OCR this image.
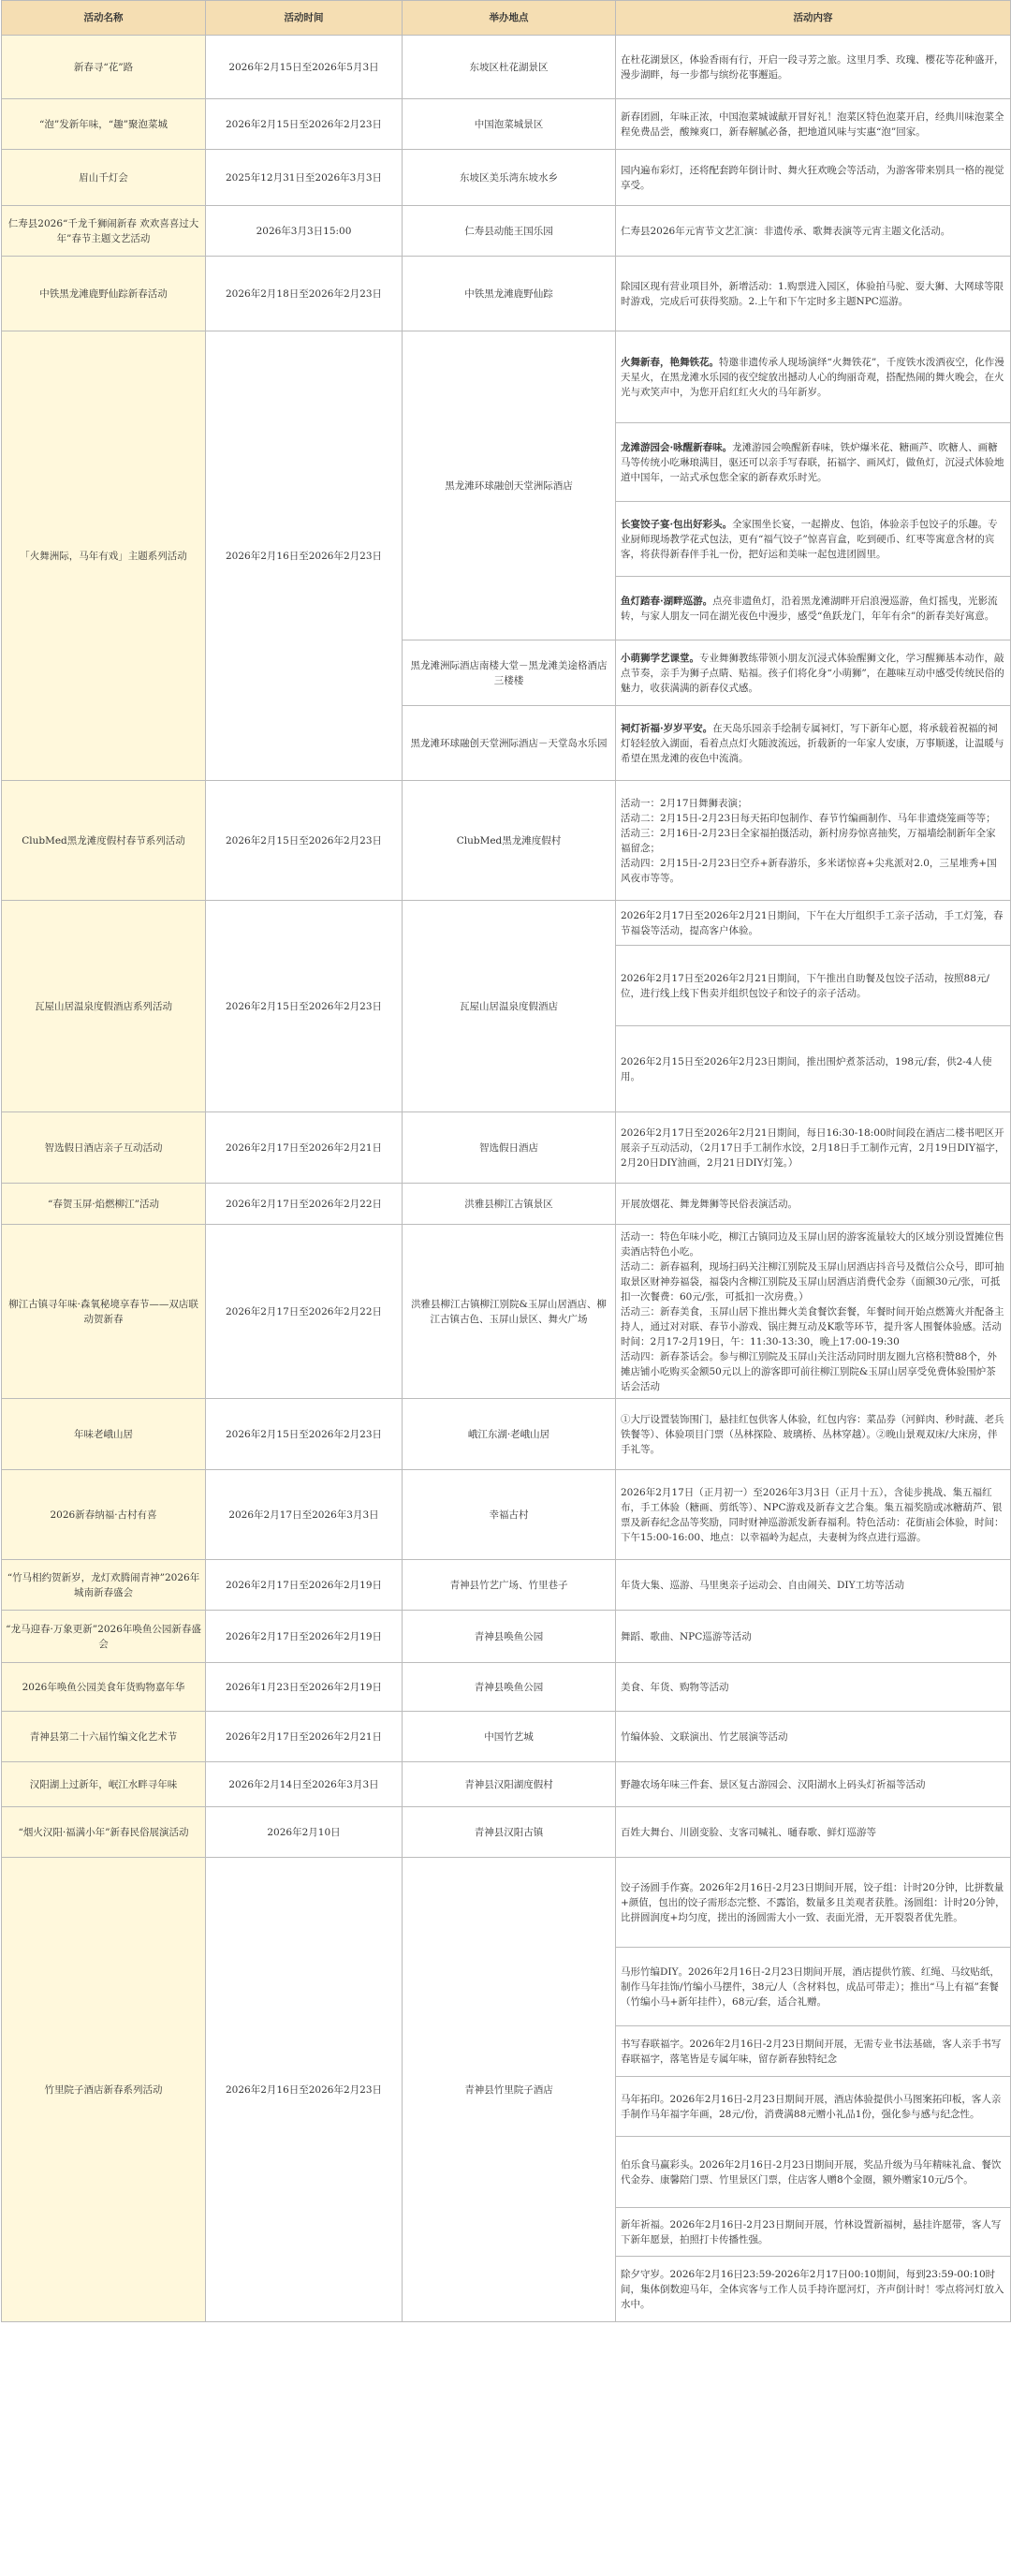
活动名称	活动时间	举办地点	活动内容
新春寻“花”路	2026年2月15日至2026年5月3日	东坡区杜花湖景区	在杜花湖景区，体验香雨有行，开启一段寻芳之旅。这里月季、玫瑰、樱花等花种盛开，漫步湖畔，每一步都与缤纷花事邂逅。
“泡”发新年味，“趣”聚泡菜城	2026年2月15日至2026年2月23日	中国泡菜城景区	新春团圆，年味正浓，中国泡菜城诚献开冒好礼！泡菜区特色泡菜开启，经典川味泡菜全程免费品尝，酸辣爽口，新春解腻必备，把地道风味与实惠“泡”回家。
眉山千灯会	2025年12月31日至2026年3月3日	东坡区美乐湾东坡水乡	园内遍布彩灯，还将配套跨年倒计时、舞火狂欢晚会等活动，为游客带来别具一格的视觉享受。
仁寿县2026“千龙千狮闹新春 欢欢喜喜过大年”春节主题文艺活动	2026年3月3日15:00	仁寿县动能王国乐园	仁寿县2026年元宵节文艺汇演：非遗传承、歌舞表演等元宵主题文化活动。
中铁黑龙滩鹿野仙踪新春活动	2026年2月18日至2026年2月23日	中铁黑龙滩鹿野仙踪	除园区现有营业项目外，新增活动：1.购票进入园区，体验拍马驼、耍大狮、大网球等限时游戏，完成后可获得奖励。2.上午和下午定时多主题NPC巡游。
「火舞洲际，马年有戏」主题系列活动	2026年2月16日至2026年2月23日	黑龙滩环球融创天堂洲际酒店	火舞新春，艳舞铁花。特邀非遗传承人现场演绎“火舞铁花”，千度铁水泼洒夜空，化作漫天星火，在黑龙滩水乐园的夜空绽放出撼动人心的绚丽奇观，搭配热闹的舞火晚会，在火光与欢笑声中，为您开启红红火火的马年新岁。
			龙滩游园会·咏醒新春味。龙滩游园会唤醒新春味，铁炉爆米花、糖画芦、吹糖人、画糖马等传统小吃琳琅满目，驱还可以亲手写春联，拓福字、画风灯，做鱼灯，沉浸式体验地道中国年，一站式承包您全家的新春欢乐时光。
			长宴饺子宴·包出好彩头。全家围坐长宴，一起擀皮、包馅，体验亲手包饺子的乐趣。专业厨师现场教学花式包法，更有“福气饺子”惊喜盲盒，吃到硬币、红枣等寓意含材的宾客，将获得新春伴手礼一份，把好运和美味一起包进团圆里。
			鱼灯踏春·湖畔巡游。点亮非遗鱼灯，沿着黑龙滩湖畔开启浪漫巡游，鱼灯摇曳，光影流转，与家人朋友一同在湖光夜色中漫步，感受“鱼跃龙门，年年有余”的新春美好寓意。
		黑龙滩洲际酒店南楼大堂－黑龙滩美途格酒店三楼楼	小萌狮学艺课堂。专业舞狮教练带领小朋友沉浸式体验醒狮文化，学习醒狮基本动作，敲点节奏，亲手为狮子点睛、贴福。孩子们将化身“小萌狮”，在趣味互动中感受传统民俗的魅力，收获满满的新春仪式感。
		黑龙滩环球融创天堂洲际酒店－天堂岛水乐园	祠灯祈福·岁岁平安。在天岛乐园亲手绘制专属祠灯，写下新年心愿，将承载着祝福的祠灯轻轻放入湖面，看着点点灯火随波流远，折载新的一年家人安康，万事顺遂，让温暖与希望在黑龙滩的夜色中流淌。
ClubMed黑龙滩度假村春节系列活动	2026年2月15日至2026年2月23日	ClubMed黑龙滩度假村	活动一：2月17日舞狮表演；
活动二：2月15日-2月23日每天拓印包制作、春节竹编画制作、马年非遗烧笼画等等；
活动三：2月16日-2月23日全家福拍摄活动，新村房券惊喜抽奖，万福墙绘制新年全家福留念；
活动四：2月15日-2月23日空乔+新春游乐，多米诺惊喜+尖兆派对2.0，三星堆秀+国风夜市等等。
瓦屋山居温泉度假酒店系列活动	2026年2月15日至2026年2月23日	瓦屋山居温泉度假酒店	2026年2月17日至2026年2月21日期间，下午在大厅组织手工亲子活动，手工灯笼，春节福袋等活动，提高客户体验。
			2026年2月17日至2026年2月21日期间，下午推出自助餐及包饺子活动，按照88元/位，进行线上线下售卖并组织包饺子和饺子的亲子活动。
			2026年2月15日至2026年2月23日期间，推出围炉煮茶活动，198元/套，供2-4人使用。
智选假日酒店亲子互动活动	2026年2月17日至2026年2月21日	智选假日酒店	2026年2月17日至2026年2月21日期间，每日16:30-18:00时间段在酒店二楼书吧区开展亲子互动活动，（2月17日手工制作水饺，2月18日手工制作元宵，2月19日DIY福字，2月20日DIY油画，2月21日DIY灯笼。）
“春贺玉屏·焰燃柳江”活动	2026年2月17日至2026年2月22日	洪雅县柳江古镇景区	开展放烟花、舞龙舞狮等民俗表演活动。
柳江古镇寻年味·森氧秘境享春节——双店联动贺新春	2026年2月17日至2026年2月22日	洪雅县柳江古镇柳江别院&玉屏山居酒店、柳江古镇古色、玉屏山景区、舞火广场	活动一：特色年味小吃，柳江古镇同边及玉屏山居的游客流量较大的区域分别设置摊位售卖酒店特色小吃。
活动二：新春福利，现场扫码关注柳江别院及玉屏山居酒店抖音号及微信公众号，即可抽取景区财神券福袋，福袋内含柳江别院及玉屏山居酒店消费代金券（面额30元/张，可抵扣一次餐费：60元/张，可抵扣一次房费。）
活动三：新春美食，玉屏山居下推出舞火美食餐饮套餐，年餐时间开始点燃篝火并配备主持人，通过对对联、春节小游戏、锅庄舞互动及K歌等环节，提升客人围餐体验感。活动时间：2月17-2月19日，午：11:30-13:30，晚上17:00-19:30
活动四：新春茶话会。参与柳江别院及玉屏山关注活动同时朋友圈九宫格积赞88个，外摊店铺小吃购买金额50元以上的游客即可前往柳江别院&玉屏山居享受免费体验围炉茶话会活动
年味老峨山居	2026年2月15日至2026年2月23日	峨江东湖·老峨山居	①大厅设置装饰围门，悬挂红包供客人体验，红包内容：菜品券（河鲜肉、秒时蔬、老兵铁餐等）、体验项目门票（丛林探险、玻璃桥、丛林穿越）。②晚山景观双床/大床房，伴手礼等。
2026新春纳福·古村有喜	2026年2月17日至2026年3月3日	幸福古村	2026年2月17日（正月初一）至2026年3月3日（正月十五），含徒步挑战、集五福红布，手工体验（糖画、剪纸等）、NPC游戏及新春文艺合集。集五福奖励或冰糖葫芦、银票及新春纪念品等奖励，同时财神巡游派发新春福利。特色活动：花街庙会体验，时间：下午15:00-16:00、地点：以幸福岭为起点，夫妻树为终点进行巡游。
“竹马相约贺新岁，龙灯欢腾闹青神”2026年城南新春盛会	2026年2月17日至2026年2月19日	青神县竹艺广场、竹里巷子	年货大集、巡游、马里奥亲子运动会、自由闹关、DIY工坊等活动
“龙马迎春·万象更新”2026年唤鱼公园新春盛会	2026年2月17日至2026年2月19日	青神县唤鱼公园	舞蹈、歌曲、NPC巡游等活动
2026年唤鱼公园美食年货购物嘉年华	2026年1月23日至2026年2月19日	青神县唤鱼公园	美食、年货、购物等活动
青神县第二十六届竹编文化艺术节	2026年2月17日至2026年2月21日	中国竹艺城	竹编体验、文联演出、竹艺展演等活动
汉阳湖上过新年，岷江水畔寻年味	2026年2月14日至2026年3月3日	青神县汉阳湖度假村	野趣农场年味三件套、景区复古游园会、汉阳湖水上码头灯祈福等活动
“烟火汉阳·福满小年”新春民俗展演活动	2026年2月10日	青神县汉阳古镇	百姓大舞台、川剧变脸、支客司喊礼、嗵春歌、鲜灯巡游等
竹里院子酒店新春系列活动	2026年2月16日至2026年2月23日	青神县竹里院子酒店	饺子汤圆手作赛。2026年2月16日-2月23日期间开展，饺子组：计时20分钟，比拼数量+颜值，包出的饺子需形态完整、不露馅，数量多且美观者获胜。汤圆组：计时20分钟，比拼圆润度+均匀度，搓出的汤圆需大小一致、表面光滑，无开裂裂者优先胜。
			马形竹编DIY。2026年2月16日-2月23日期间开展，酒店提供竹簇、红绳、马纹贴纸，制作马年挂饰/竹编小马摆件，38元/人（含材料包，成品可带走）；推出“马上有福”套餐（竹编小马+新年挂件），68元/套，适合礼赠。
			书写春联福字。2026年2月16日-2月23日期间开展，无需专业书法基础，客人亲手书写春联福字，落笔皆是专属年味，留存新春独特纪念
			马年拓印。2026年2月16日-2月23日期间开展，酒店体验提供小马图案拓印板，客人亲手制作马年福字年画，28元/份，消费满88元赠小礼品1份，强化参与感与纪念性。
			伯乐食马赢彩头。2026年2月16日-2月23日期间开展，奖品升级为马年精味礼盒、餐饮代金券、康馨陪门票、竹里景区门票，住店客人赠8个金圈，额外赠家10元/5个。
			新年祈福。2026年2月16日-2月23日期间开展，竹林设置新福树，悬挂许愿带，客人写下新年愿景，拍照打卡传播性强。
			除夕守岁。2026年2月16日23:59-2026年2月17日00:10期间，每到23:59-00:10时间，集体倒数迎马年，全体宾客与工作人员手持许愿河灯，齐声倒计时！零点将河灯放入水中。
